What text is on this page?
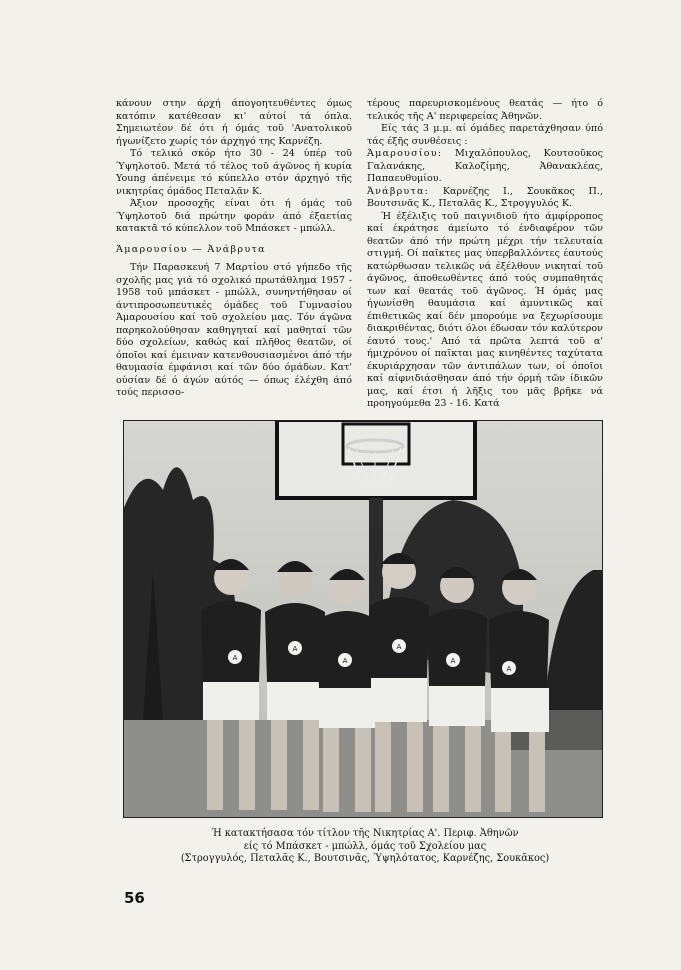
κάνουν στην άρχή άπογοητευθέντες όμως κατόπιν κατέθεσαν κι' αύτοί τά όπλα. Σημειωτέον δέ ότι ή όμάς τοῦ 'Ανατολικοῦ ήγωνίζετο χωρίς τόν άρχηγό της Καρνέζη.

Τό τελικό σκόρ ήτο 30 - 24 ύπέρ τοῦ Ύψηλοτοῦ. Μετά τό τέλος τοῦ άγῶνος ή κυρία Young άπένειμε τό κύπελλο στόν άρχηγό τῆς νικητρίας όμάδος Πεταλᾶν Κ.

Άξιον προσοχῆς είναι ότι ή όμάς τοῦ Ύψηλοτοῦ διά πρώτην φοράν άπό έξαετίας κατακτᾶ τό κύπελλον τοῦ Μπάσκετ - μπώλλ.

Άμαρουσίου — Ἀνάβρυτα

Τήν Παρασκευή 7 Μαρτίου στό γήπεδο τῆς σχολῆς μας γιά τό σχολικό πρωτάθλημα 1957 - 1958 τοῦ μπάσκετ - μπώλλ, συνηντήθησαν οί άντιπροσωπευτικές όμάδες τοῦ Γυμνασίου Άμαρουσίου καί τοῦ σχολείου μας. Τόν άγῶνα παρηκολούθησαν καθηγηταί καί μαθηταί τῶν δύο σχολείων, καθώς καί πλῆθος θεατῶν, οί όποῖοι καί έμειναν κατενθουσιασμένοι άπό τήν θαυμασία έμφάνισι καί τῶν δύο όμάδων. Κατ' ούσίαν δέ ό άγών αύτός — όπως έλέχθη άπό τούς περισσο-

τέρους παρευρισκομένους θεατάς — ήτο ό τελικός τῆς Α' περιφερείας Ἀθηνῶν.

Είς τάς 3 μ.μ. αί όμάδες παρετάχθησαν ύπό τάς έξῆς συνθέσεις :

Άμαρουσίου: Μιχαλόπουλος, Κουτσοῦκος Γαλανάκης, Καλοζίμης, Ἀθανακλέας, Παπαευθυμίου.

Ἀνάβρυτα: Καρνέζης Ι., Σουκᾶκος Π., Βουτσινᾶς Κ., Πεταλᾶς Κ., Στρογγυλός Κ.

Ή έξέλιξις τοῦ παιγνιδιοῦ ήτο άμφίρροπος καί έκράτησε άμείωτο τό ένδιαφέρον τῶν θεατῶν άπό τήν πρώτη μέχρι τήν τελευταία στιγμή. Οί παῖκτες μας ύπερβαλλόντες έαυτούς κατώρθωσαν τελικῶς νά έξέλθουν νικηταί τοῦ άγῶνος, άποθεωθέντες άπό τούς συμπαθητάς των καί θεατάς τοῦ άγῶνος. Ή όμάς μας ήγωνίσθη θαυμάσια καί άμυντικῶς καί έπιθετικῶς καί δέν μπορούμε να ξεχωρίσουμε διακριθέντας, διότι όλοι έδωσαν τόν καλύτερον έαυτό τους.' Από τά πρῶτα λεπτά τοῦ α' ήμιχρόνου οί παῖκται μας κινηθέντες ταχύτατα έκυριάρχησαν τῶν άντιπάλων των, οί όποῖοι καί αίφνιδιάσθησαν άπό τήν όρμή τῶν ίδικῶν μας, καί έτσι ή λῆξις του μᾶς βρῆκε νά προηγούμεθα 23 - 16. Κατά

Α
Α
Α
Α
Α
Α
Ή κατακτήσασα τόν τίτλον τῆς Νικητρίας Α'. Περιφ. Ἀθηνῶν
είς τό Μπάσκετ - μπώλλ, όμάς τοῦ Σχολείου μας
(Στρογγυλός, Πεταλᾶς Κ., Βουτσινᾶς, Ύψηλότατος, Καρνέζης, Σουκᾶκος)
56
